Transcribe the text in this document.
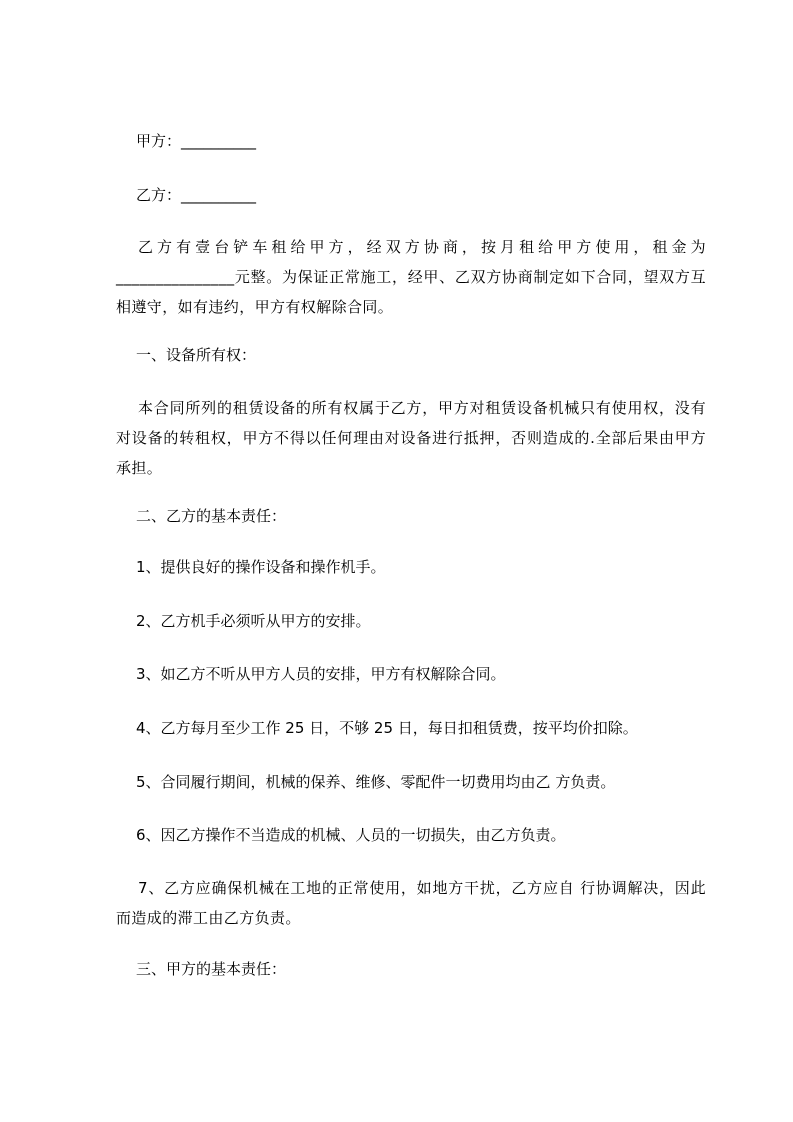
甲方：__________
乙方：__________
乙方有壹台铲车租给甲方，经双方协商，按月租给甲方使用，租金为_______________元整。为保证正常施工，经甲、乙双方协商制定如下合同，望双方互相遵守，如有违约，甲方有权解除合同。
一、设备所有权：
本合同所列的租赁设备的所有权属于乙方，甲方对租赁设备机械只有使用权，没有对设备的转租权，甲方不得以任何理由对设备进行抵押，否则造成的.全部后果由甲方承担。
二、乙方的基本责任：
1、提供良好的操作设备和操作机手。
2、乙方机手必须听从甲方的安排。
3、如乙方不听从甲方人员的安排，甲方有权解除合同。
4、乙方每月至少工作 25 日，不够 25 日，每日扣租赁费，按平均价扣除。
5、合同履行期间，机械的保养、维修、零配件一切费用均由乙 方负责。
6、因乙方操作不当造成的机械、人员的一切损失，由乙方负责。
7、乙方应确保机械在工地的正常使用，如地方干扰，乙方应自 行协调解决，因此而造成的滞工由乙方负责。
三、甲方的基本责任：
